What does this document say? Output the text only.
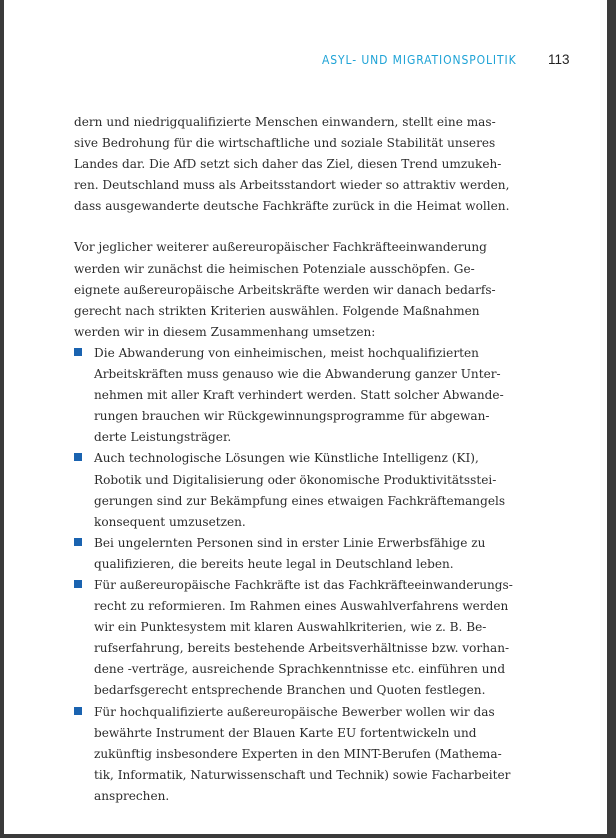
ASYL- UND MIGRATIONSPOLITIK 113
dern und niedrigqualifizierte Menschen einwandern, stellt eine mas-
sive Bedrohung für die wirtschaftliche und soziale Stabilität unseres
Landes dar. Die AfD setzt sich daher das Ziel, diesen Trend umzukeh-
ren. Deutschland muss als Arbeitsstandort wieder so attraktiv werden,
dass ausgewanderte deutsche Fachkräfte zurück in die Heimat wollen.
Vor jeglicher weiterer außereuropäischer Fachkräfteeinwanderung
werden wir zunächst die heimischen Potenziale ausschöpfen. Ge-
eignete außereuropäische Arbeitskräfte werden wir danach bedarfs-
gerecht nach strikten Kriterien auswählen. Folgende Maßnahmen
werden wir in diesem Zusammenhang umsetzen:
Die Abwanderung von einheimischen, meist hochqualifizierten
Arbeitskräften muss genauso wie die Abwanderung ganzer Unter-
nehmen mit aller Kraft verhindert werden. Statt solcher Abwande-
rungen brauchen wir Rückgewinnungsprogramme für abgewan-
derte Leistungsträger.
Auch technologische Lösungen wie Künstliche Intelligenz (KI),
Robotik und Digitalisierung oder ökonomische Produktivitätsstei-
gerungen sind zur Bekämpfung eines etwaigen Fachkräftemangels
konsequent umzusetzen.
Bei ungelernten Personen sind in erster Linie Erwerbsfähige zu
qualifizieren, die bereits heute legal in Deutschland leben.
Für außereuropäische Fachkräfte ist das Fachkräfteeinwanderungs-
recht zu reformieren. Im Rahmen eines Auswahlverfahrens werden
wir ein Punktesystem mit klaren Auswahlkriterien, wie z. B. Be-
rufserfahrung, bereits bestehende Arbeitsverhältnisse bzw. vorhan-
dene -verträge, ausreichende Sprachkenntnisse etc. einführen und
bedarfsgerecht entsprechende Branchen und Quoten festlegen.
Für hochqualifizierte außereuropäische Bewerber wollen wir das
bewährte Instrument der Blauen Karte EU fortentwickeln und
zukünftig insbesondere Experten in den MINT-Berufen (Mathema-
tik, Informatik, Naturwissenschaft und Technik) sowie Facharbeiter
ansprechen.
